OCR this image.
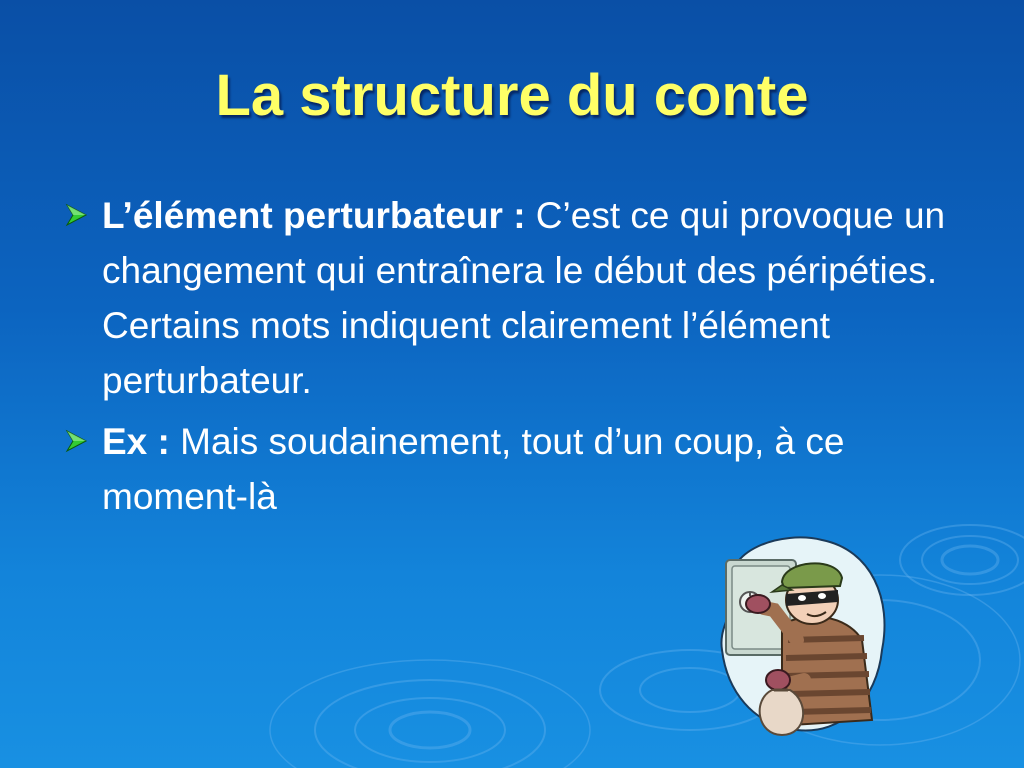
La structure du conte
L’élément perturbateur : C’est ce qui provoque un changement qui entraînera le début des péripéties. Certains mots indiquent clairement l’élément perturbateur.
Ex : Mais soudainement, tout d’un coup, à ce moment-là
